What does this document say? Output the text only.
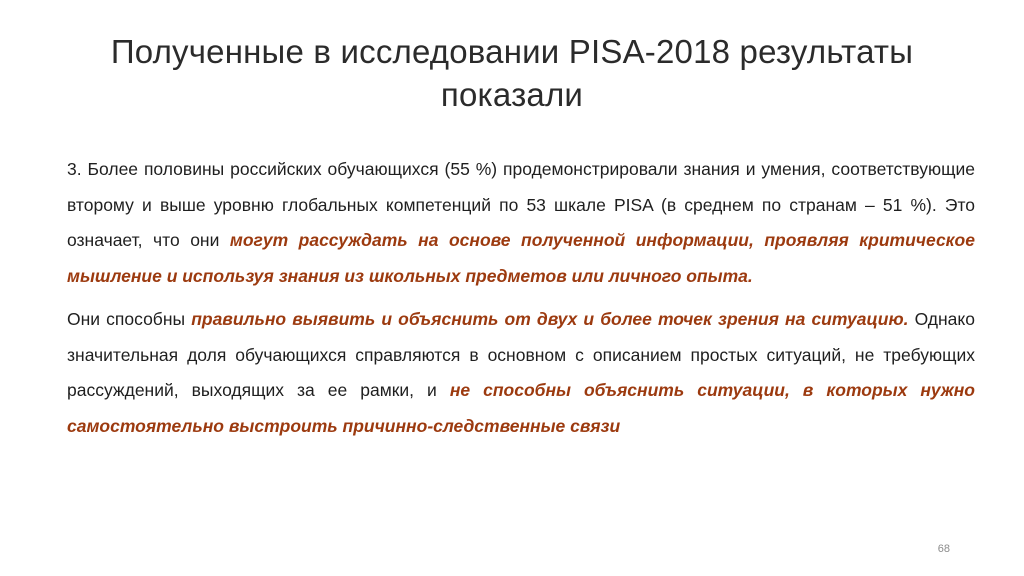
Полученные в исследовании PISA-2018 результаты
показали

3. Более половины российских обучающихся (55 %) продемонстрировали знания и умения, соответствующие второму и выше уровню глобальных компетенций по 53 шкале PISA (в среднем по странам – 51 %). Это означает, что они могут рассуждать на основе полученной информации, проявляя критическое мышление и используя знания из школьных предметов или личного опыта.

Они способны правильно выявить и объяснить от двух и более точек зрения на ситуацию. Однако значительная доля обучающихся справляются в основном с описанием простых ситуаций, не требующих рассуждений, выходящих за ее рамки, и не способны объяснить ситуации, в которых нужно самостоятельно выстроить причинно-следственные связи

68
